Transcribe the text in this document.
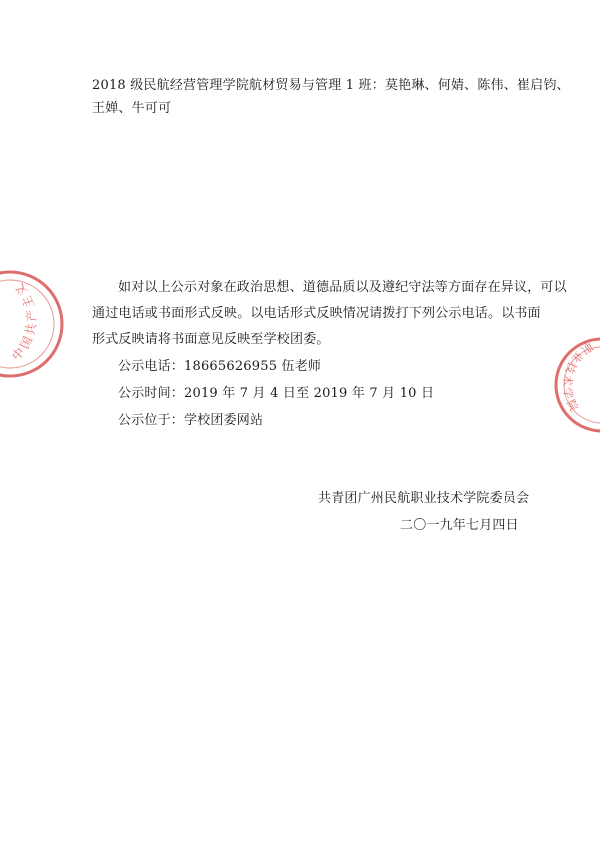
2018 级民航经营管理学院航材贸易与管理 1 班：莫艳琳、何婧、陈伟、崔启钧、
王婵、牛可可
如对以上公示对象在政治思想、道德品质以及遵纪守法等方面存在异议，可以
通过电话或书面形式反映。以电话形式反映情况请拨打下列公示电话。以书面
形式反映请将书面意见反映至学校团委。
公示电话：18665626955 伍老师
公示时间：2019 年 7 月 4 日至 2019 年 7 月 10 日
公示位于：学校团委网站
共青团广州民航职业技术学院委员会
二〇一九年七月四日
中国共产主义
职业技术学院
